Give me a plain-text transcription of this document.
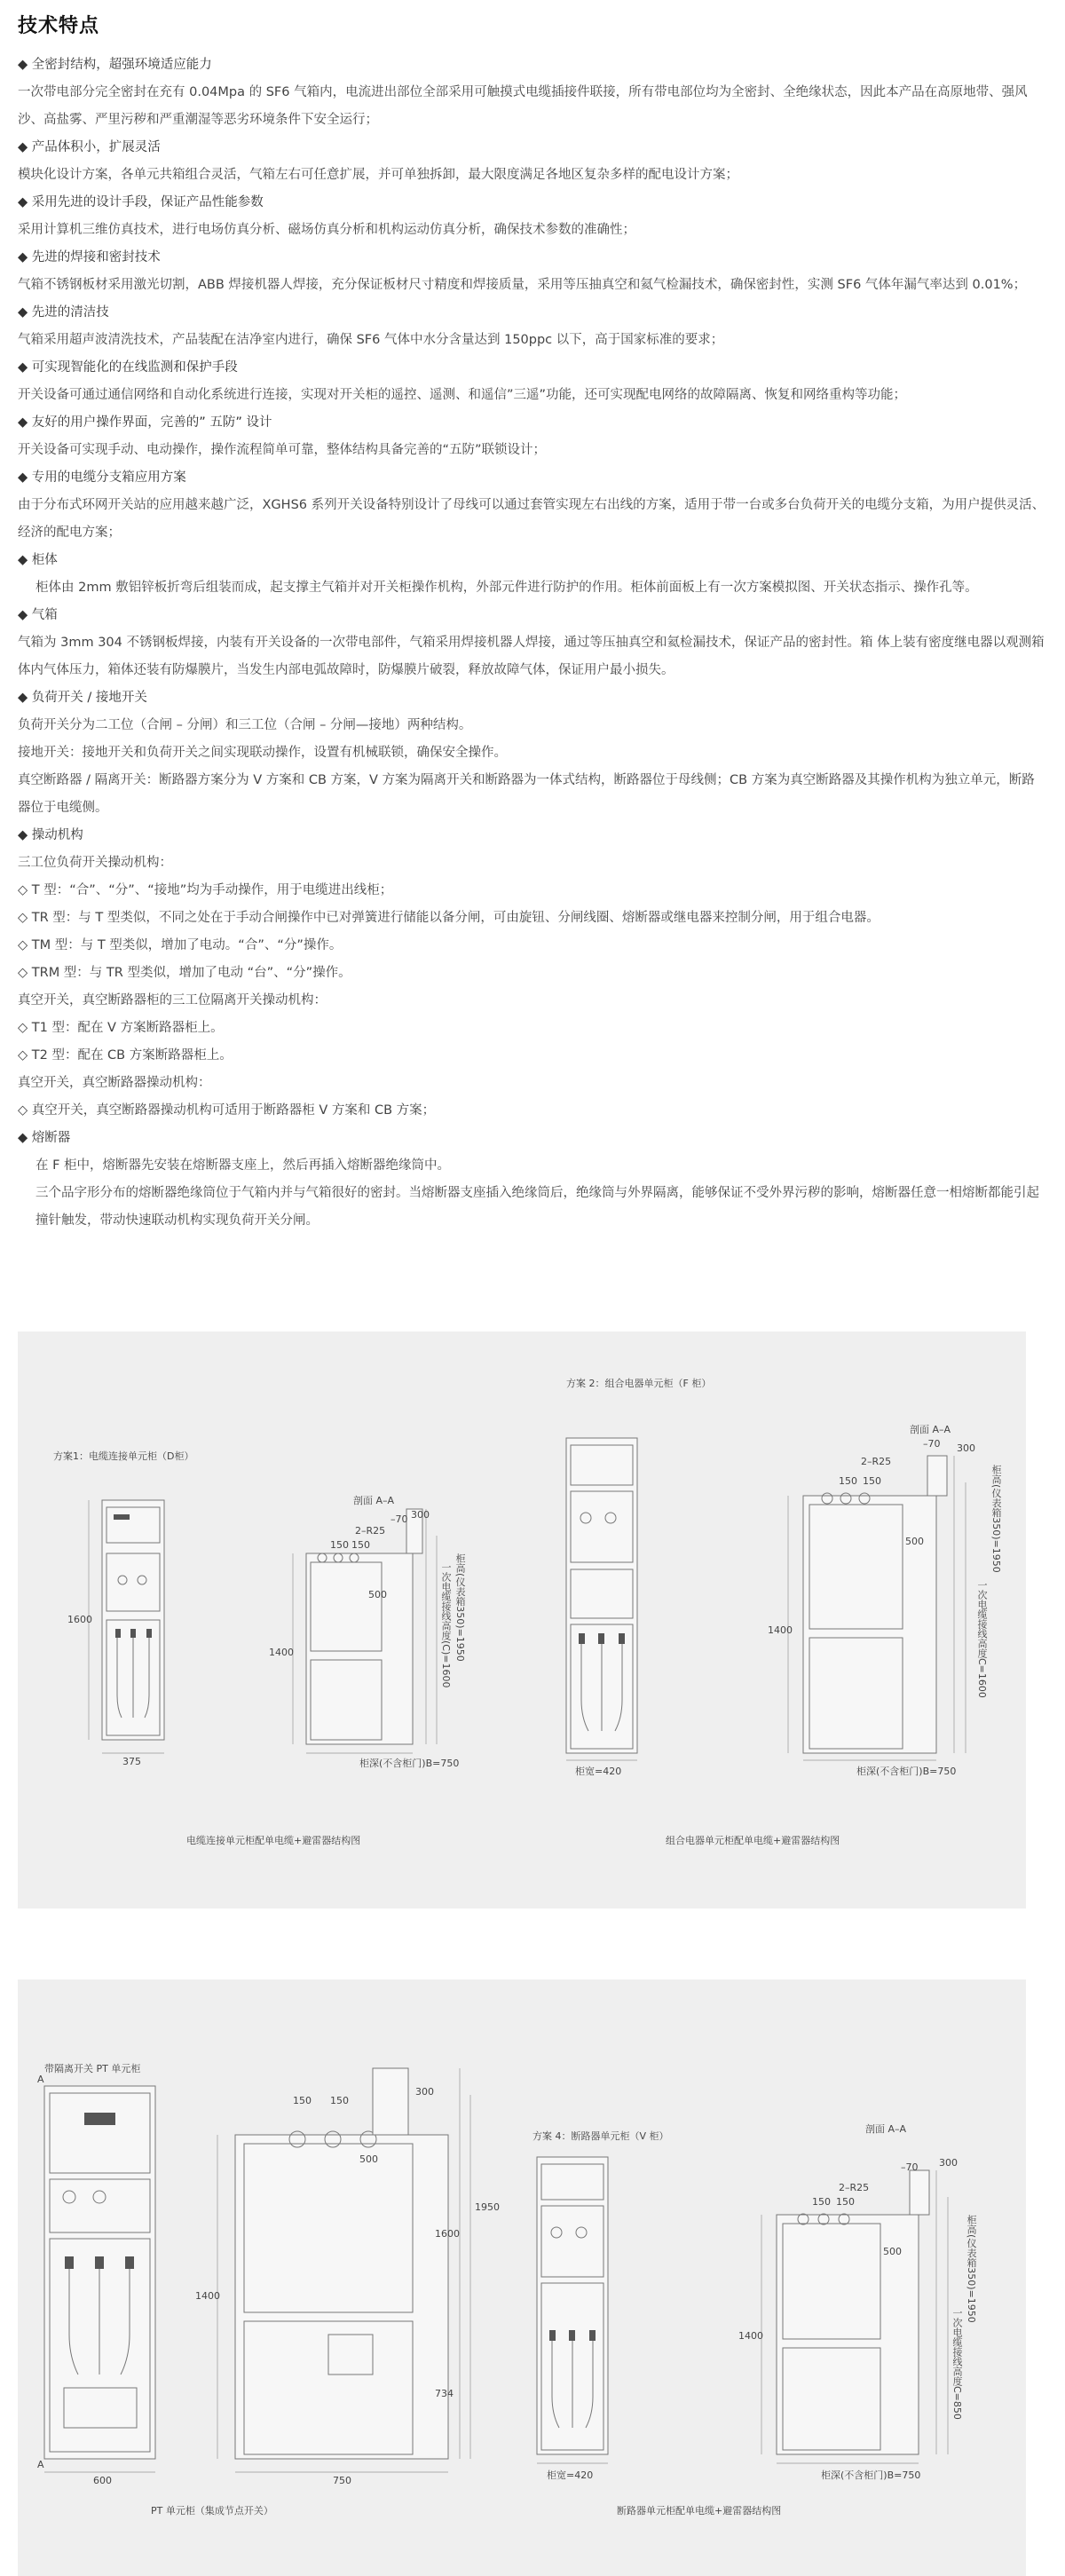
技术特点

◆ 全密封结构，超强环境适应能力

一次带电部分完全密封在充有 0.04Mpa 的 SF6 气箱内，电流进出部位全部采用可触摸式电缆插接件联接，所有带电部位均为全密封、全绝缘状态，因此本产品在高原地带、强风沙、高盐雾、严里污秽和严重潮湿等恶劣环境条件下安全运行；

◆ 产品体积小，扩展灵活

模块化设计方案，各单元共箱组合灵活，气箱左右可任意扩展，并可单独拆卸，最大限度满足各地区复杂多样的配电设计方案；

◆ 采用先进的设计手段，保证产品性能参数

采用计算机三维仿真技术，进行电场仿真分析、磁场仿真分析和机构运动仿真分析，确保技术参数的准确性；

◆ 先进的焊接和密封技术

气箱不锈钢板材采用激光切割，ABB 焊接机器人焊接，充分保证板材尺寸精度和焊接质量，采用等压抽真空和氦气检漏技术，确保密封性，实测 SF6 气体年漏气率达到 0.01%；

◆ 先进的清洁技

气箱采用超声波清洗技术，产品装配在洁净室内进行，确保 SF6 气体中水分含量达到 150ppc 以下，高于国家标准的要求；

◆ 可实现智能化的在线监测和保护手段

开关设备可通过通信网络和自动化系统进行连接，实现对开关柜的遥控、遥测、和遥信”三遥”功能，还可实现配电网络的故障隔离、恢复和网络重构等功能；

◆ 友好的用户操作界面，完善的” 五防” 设计

开关设备可实现手动、电动操作，操作流程简单可靠，整体结构具备完善的“五防”联锁设计；

◆ 专用的电缆分支箱应用方案

由于分布式环网开关站的应用越来越广泛，XGHS6 系列开关设备特别设计了母线可以通过套管实现左右出线的方案，适用于带一台或多台负荷开关的电缆分支箱，为用户提供灵活、经济的配电方案；

◆ 柜体

柜体由 2mm 敷铝锌板折弯后组装而成，起支撑主气箱并对开关柜操作机构，外部元件进行防护的作用。柜体前面板上有一次方案模拟图、开关状态指示、操作孔等。

◆ 气箱

气箱为 3mm 304 不锈钢板焊接，内装有开关设备的一次带电部件，气箱采用焊接机器人焊接，通过等压抽真空和氦检漏技术，保证产品的密封性。箱 体上装有密度继电器以观测箱体内气体压力，箱体还装有防爆膜片，当发生内部电弧故障时，防爆膜片破裂，释放故障气体，保证用户最小损失。

◆ 负荷开关 / 接地开关

负荷开关分为二工位（合闸 – 分闸）和三工位（合闸 – 分闸—接地）两种结构。

接地开关：接地开关和负荷开关之间实现联动操作，设置有机械联锁，确保安全操作。

真空断路器 / 隔离开关：断路器方案分为 V 方案和 CB 方案，V 方案为隔离开关和断路器为一体式结构，断路器位于母线侧；CB 方案为真空断路器及其操作机构为独立单元，断路器位于电缆侧。

◆ 操动机构

三工位负荷开关操动机构：

◇ T 型：“合”、“分”、“接地”均为手动操作，用于电缆进出线柜；

◇ TR 型：与 T 型类似，不同之处在于手动合闸操作中已对弹簧进行储能以备分闸，可由旋钮、分闸线圈、熔断器或继电器来控制分闸，用于组合电器。

◇ TM 型：与 T 型类似，增加了电动。“合”、“分”操作。

◇ TRM 型：与 TR 型类似，增加了电动 “台”、“分”操作。

真空开关，真空断路器柜的三工位隔离开关操动机构：

◇ T1 型：配在 V 方案断路器柜上。

◇ T2 型：配在 CB 方案断路器柜上。

真空开关，真空断路器操动机构：

◇ 真空开关，真空断路器操动机构可适用于断路器柜 V 方案和 CB 方案；

◆ 熔断器

在 F 柜中，熔断器先安装在熔断器支座上，然后再插入熔断器绝缘筒中。

三个品字形分布的熔断器绝缘筒位于气箱内并与气箱很好的密封。当熔断器支座插入绝缘筒后，绝缘筒与外界隔离，能够保证不受外界污秽的影响，熔断器任意一相熔断都能引起撞针触发，带动快速联动机构实现负荷开关分闸。

方案1：电缆连接单元柜（D柜）
方案 2：组合电器单元柜（F 柜）
剖面 A–A
剖面 A–A
1600
1400
375
2–R25
–70
150 150
500
300
柜深(不含柜门)B=750
一次电缆接线高度(C)=1600 柜高(仪表箱350)=1950
柜宽=420
1400
2–R25
–70
150 150
300
500
柜深(不含柜门)B=750
一次电缆接线高度C=1600
柜高(仪表箱350)=1950
电缆连接单元柜配单电缆+避雷器结构图	组合电器单元柜配单电缆+避雷器结构图
带隔离开关 PT 单元柜
方案 4：断路器单元柜（V 柜）
剖面 A–A
A
A
600	750
150 150
500
300
1400
1600
1950
734
2–R25
–70
150 150
300
500
1400
柜宽=420	柜深(不含柜门)B=750
一次电缆接线高度C=850
柜高(仪表箱350)=1950
PT 单元柜（集成节点开关）	断路器单元柜配单电缆+避雷器结构图
